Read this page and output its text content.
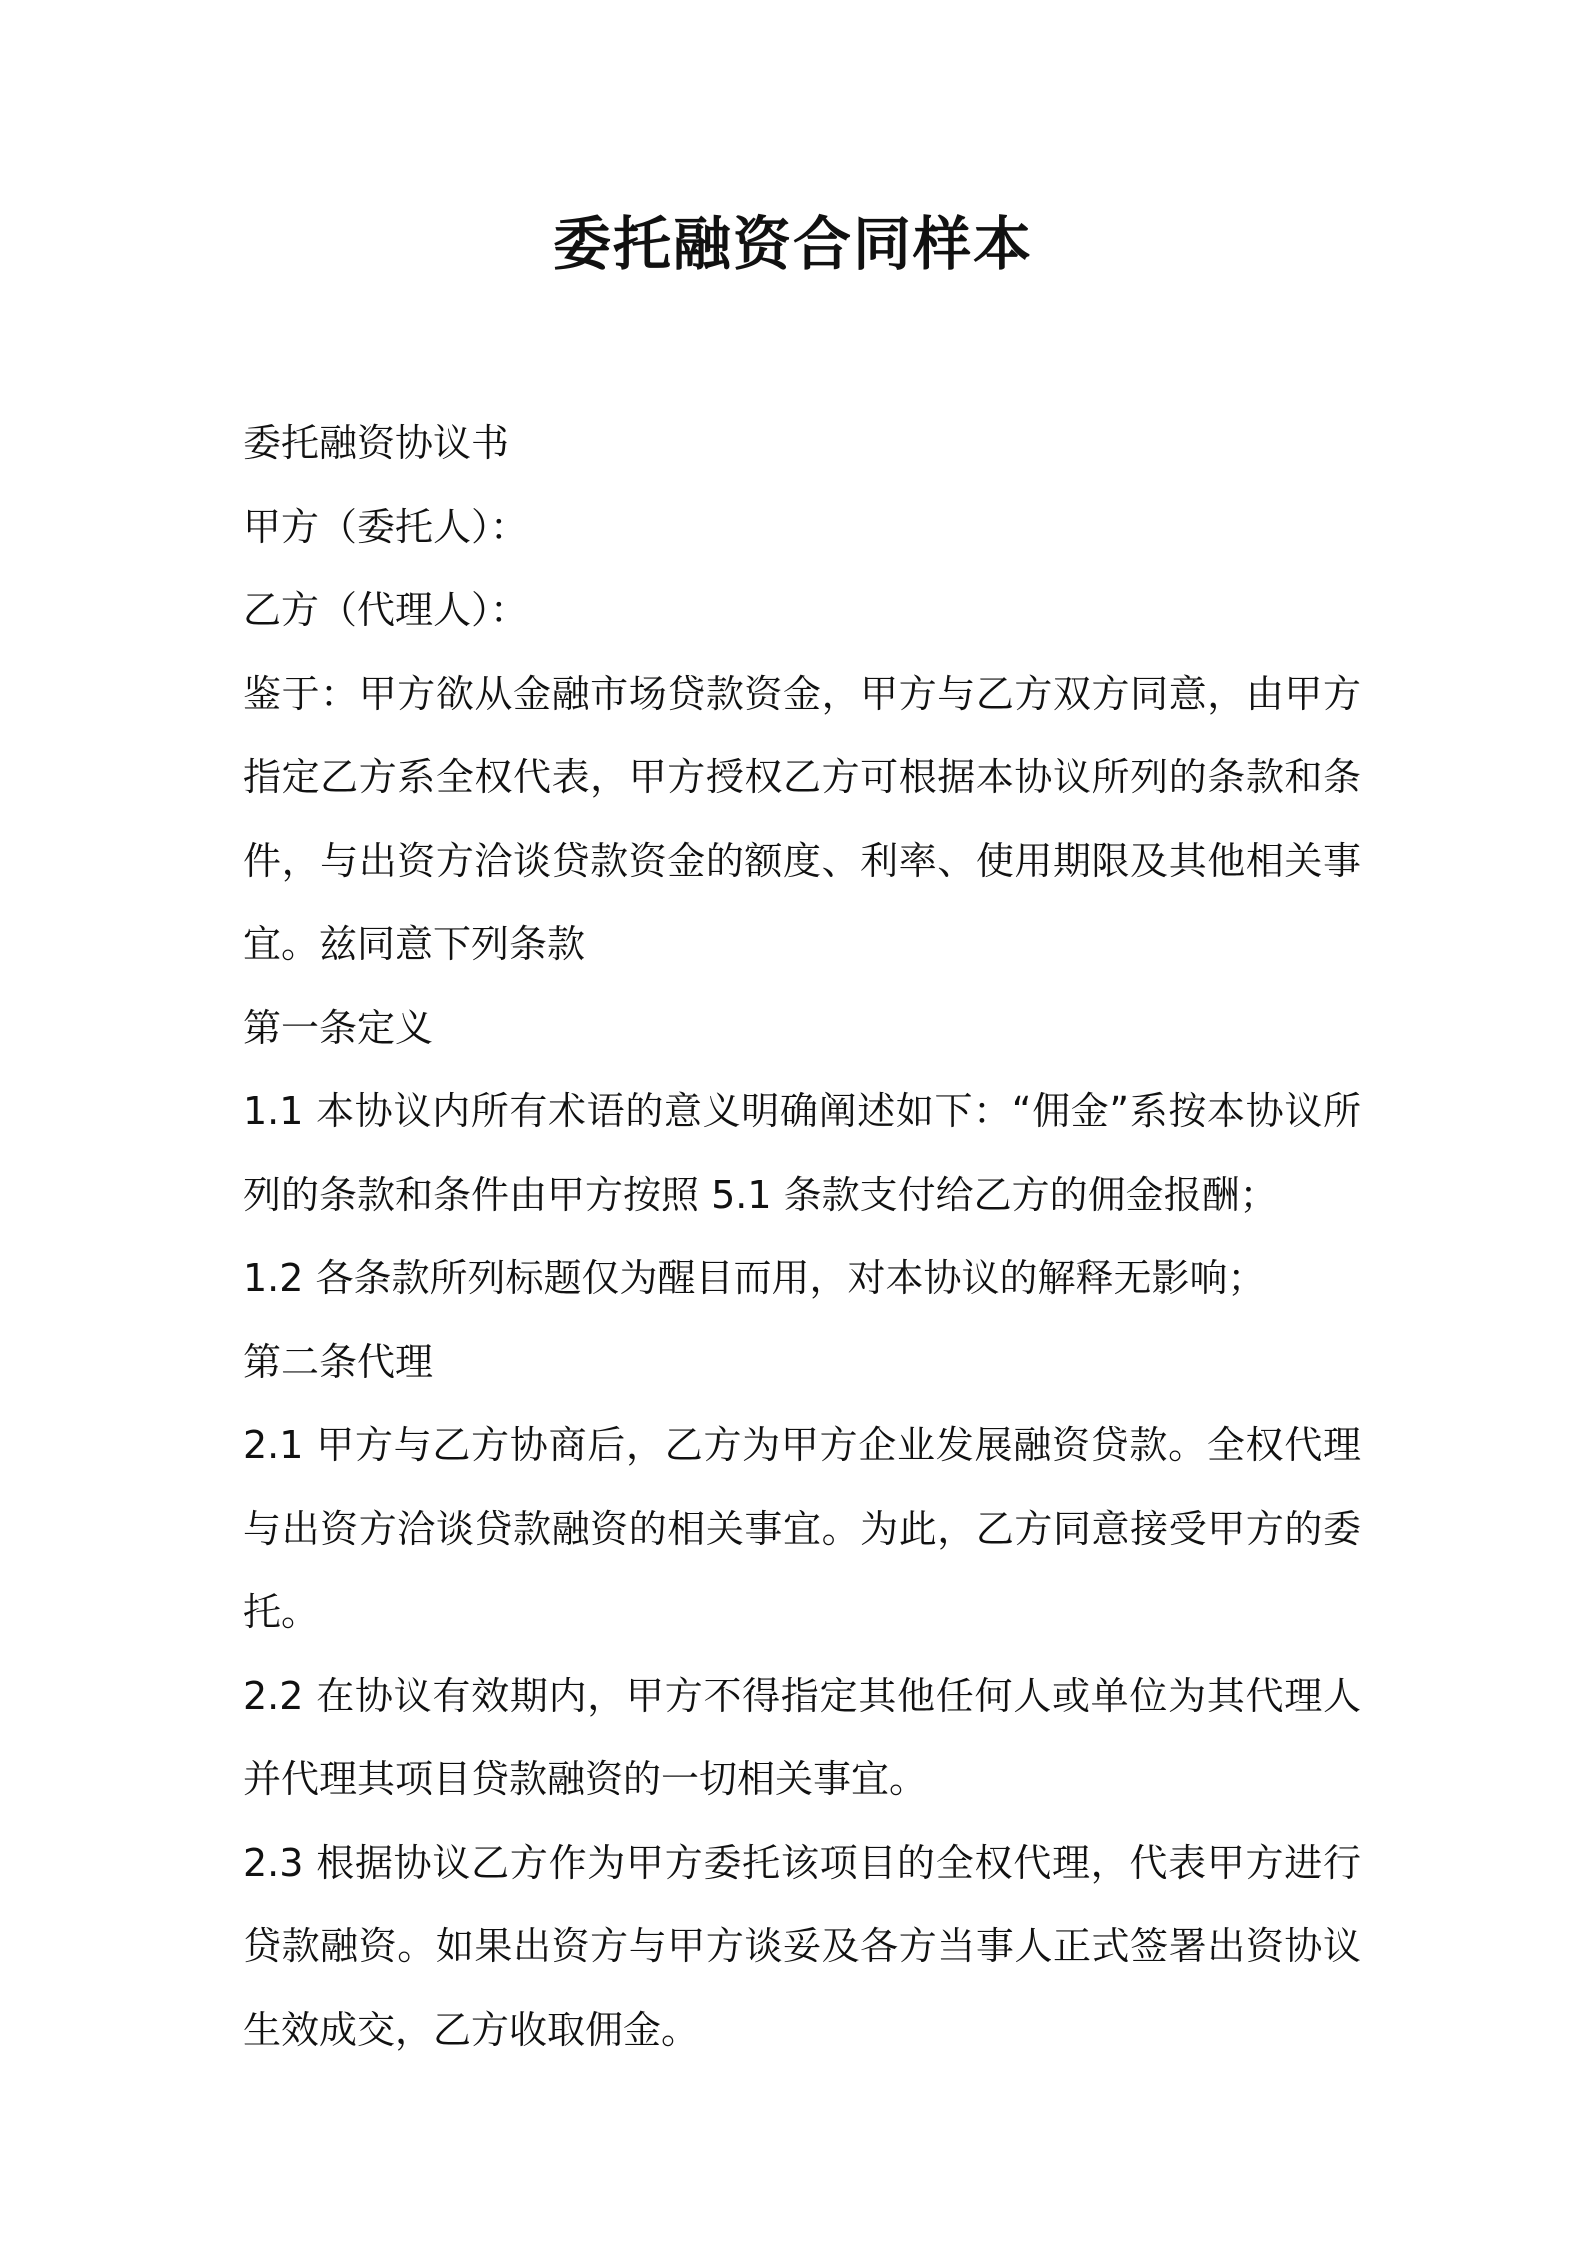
委托融资合同样本

委托融资协议书

甲方（委托人）：

乙方（代理人）：

鉴于：甲方欲从金融市场贷款资金，甲方与乙方双方同意，由甲方指定乙方系全权代表，甲方授权乙方可根据本协议所列的条款和条件，与出资方洽谈贷款资金的额度、利率、使用期限及其他相关事宜。兹同意下列条款

第一条定义

1.1 本协议内所有术语的意义明确阐述如下：“佣金”系按本协议所列的条款和条件由甲方按照 5.1 条款支付给乙方的佣金报酬；

1.2 各条款所列标题仅为醒目而用，对本协议的解释无影响；

第二条代理

2.1 甲方与乙方协商后，乙方为甲方企业发展融资贷款。全权代理与出资方洽谈贷款融资的相关事宜。为此，乙方同意接受甲方的委托。

2.2 在协议有效期内，甲方不得指定其他任何人或单位为其代理人并代理其项目贷款融资的一切相关事宜。

2.3 根据协议乙方作为甲方委托该项目的全权代理，代表甲方进行贷款融资。如果出资方与甲方谈妥及各方当事人正式签署出资协议生效成交，乙方收取佣金。
